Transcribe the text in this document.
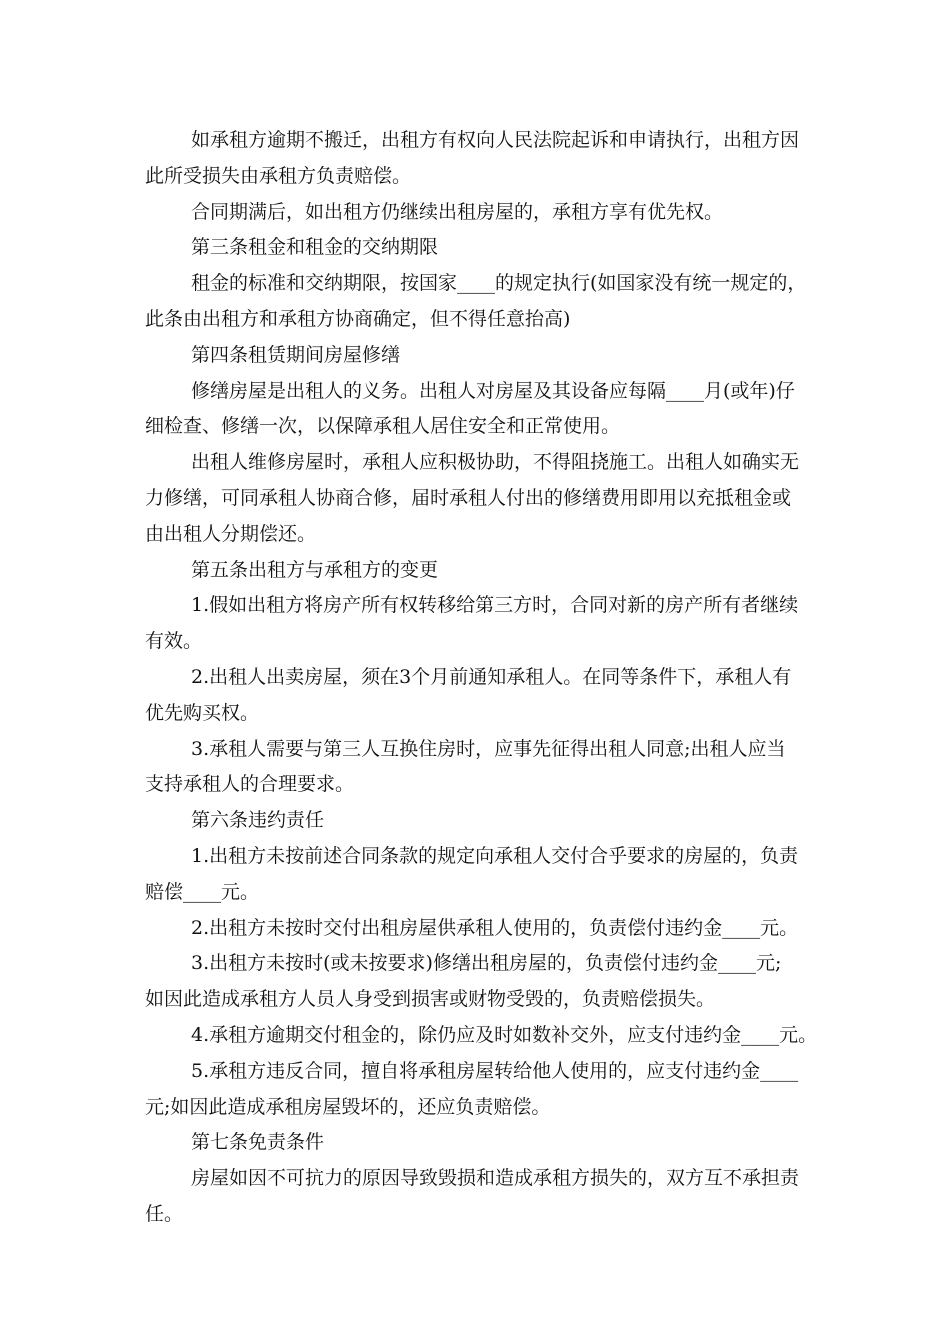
如承租方逾期不搬迁，出租方有权向人民法院起诉和申请执行，出租方因
此所受损失由承租方负责赔偿。
合同期满后，如出租方仍继续出租房屋的，承租方享有优先权。
第三条租金和租金的交纳期限
租金的标准和交纳期限，按国家____的规定执行(如国家没有统一规定的，
此条由出租方和承租方协商确定，但不得任意抬高)
第四条租赁期间房屋修缮
修缮房屋是出租人的义务。出租人对房屋及其设备应每隔____月(或年)仔
细检查、修缮一次，以保障承租人居住安全和正常使用。
出租人维修房屋时，承租人应积极协助，不得阻挠施工。出租人如确实无
力修缮，可同承租人协商合修，届时承租人付出的修缮费用即用以充抵租金或
由出租人分期偿还。
第五条出租方与承租方的变更
1.假如出租方将房产所有权转移给第三方时，合同对新的房产所有者继续
有效。
2.出租人出卖房屋，须在3个月前通知承租人。在同等条件下，承租人有
优先购买权。
3.承租人需要与第三人互换住房时，应事先征得出租人同意;出租人应当
支持承租人的合理要求。
第六条违约责任
1.出租方未按前述合同条款的规定向承租人交付合乎要求的房屋的，负责
赔偿____元。
2.出租方未按时交付出租房屋供承租人使用的，负责偿付违约金____元。
3.出租方未按时(或未按要求)修缮出租房屋的，负责偿付违约金____元;
如因此造成承租方人员人身受到损害或财物受毁的，负责赔偿损失。
4.承租方逾期交付租金的，除仍应及时如数补交外，应支付违约金____元。
5.承租方违反合同，擅自将承租房屋转给他人使用的，应支付违约金____
元;如因此造成承租房屋毁坏的，还应负责赔偿。
第七条免责条件
房屋如因不可抗力的原因导致毁损和造成承租方损失的，双方互不承担责
任。
